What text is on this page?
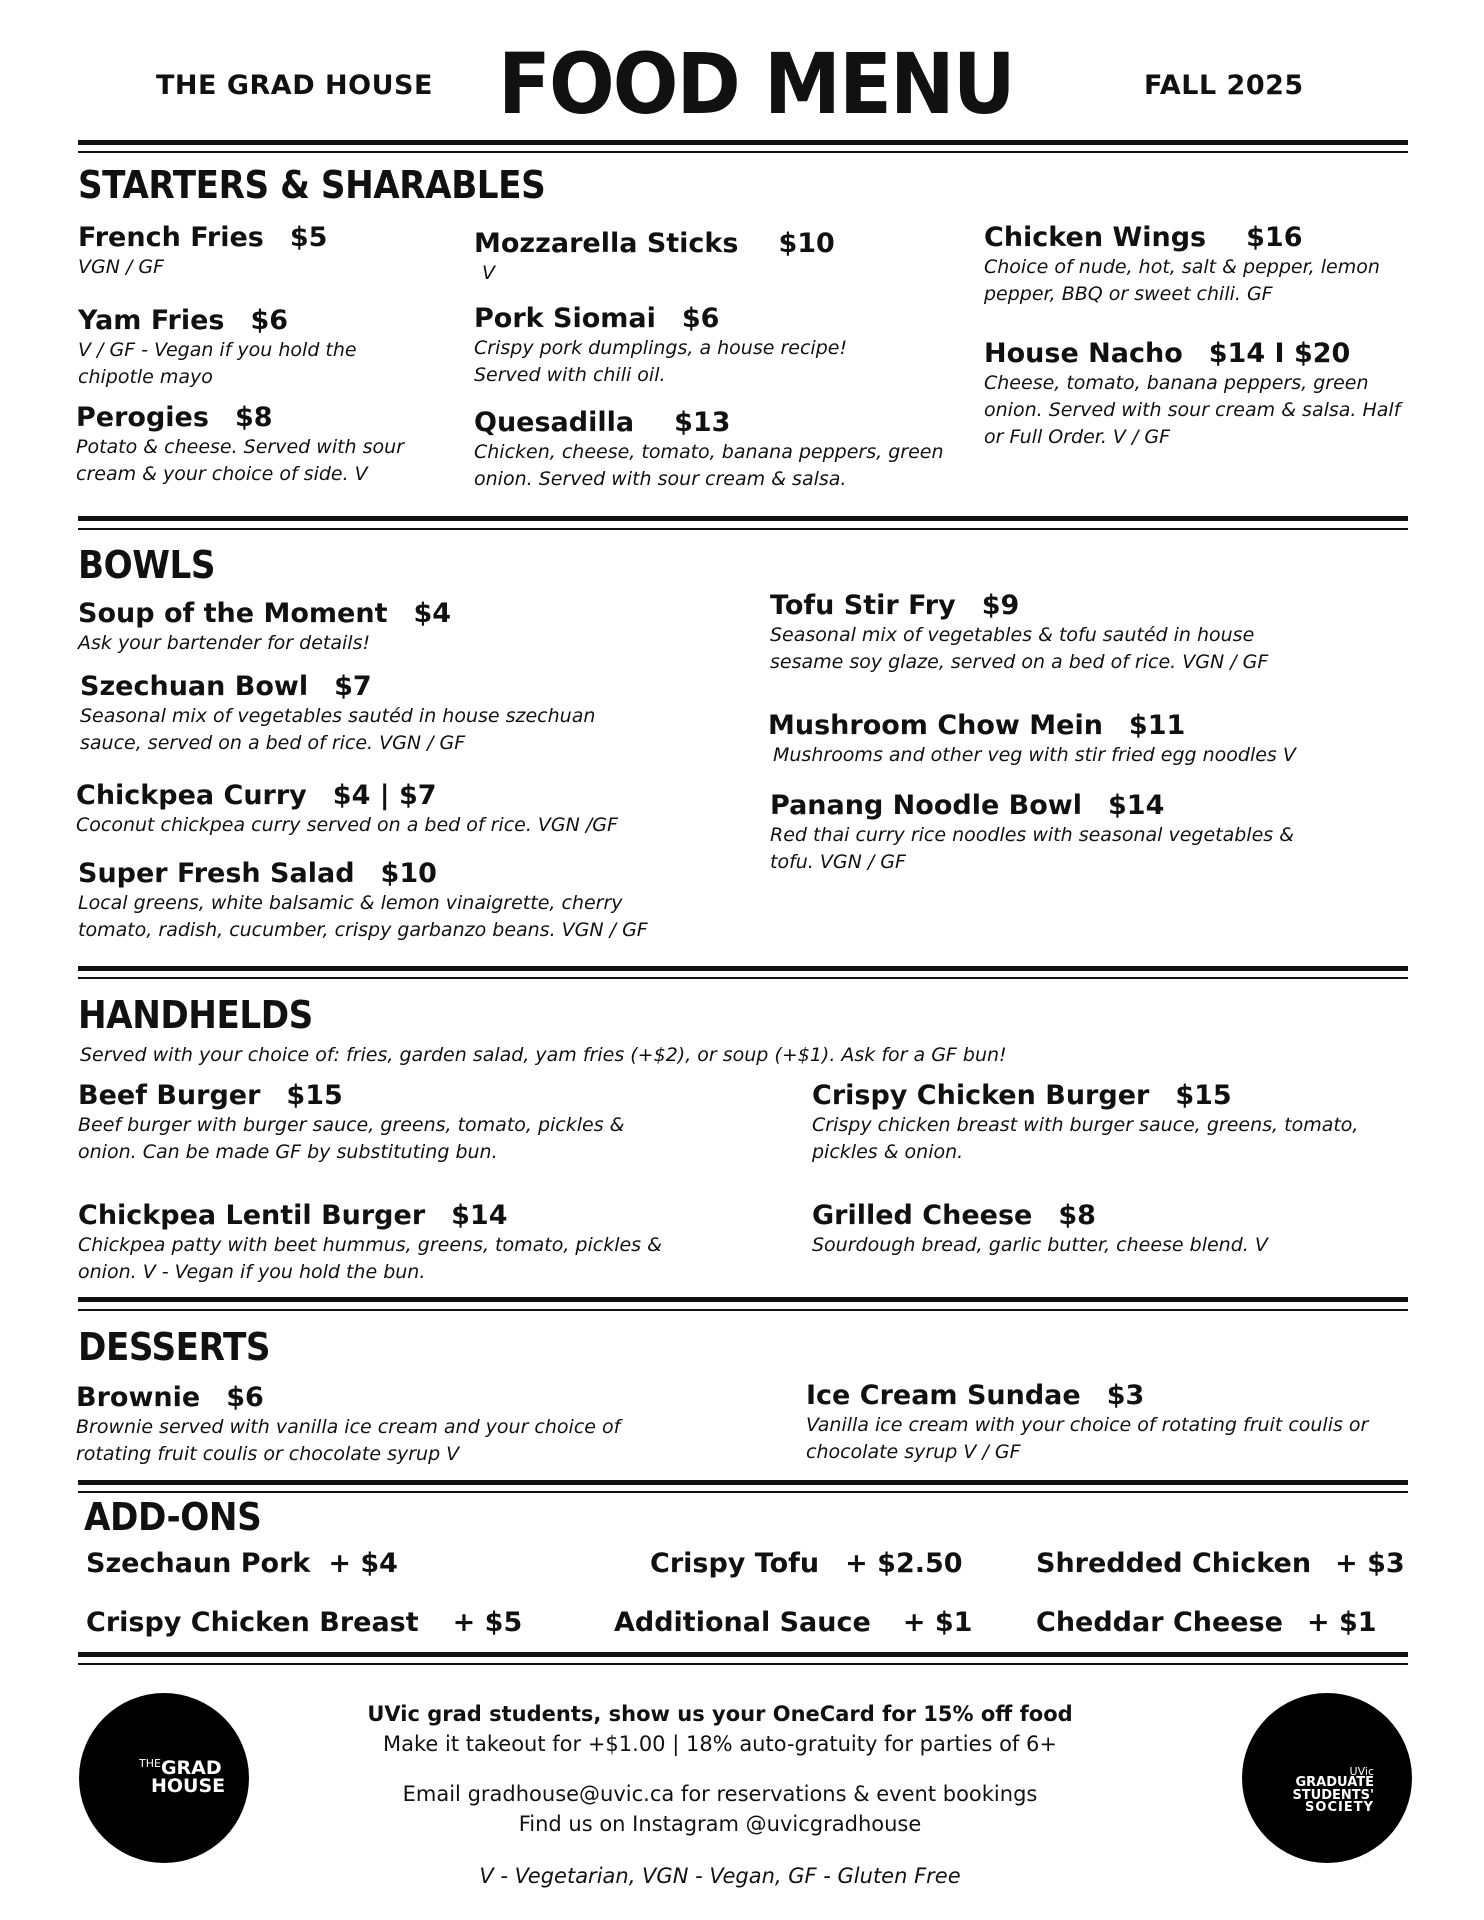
THE GRAD HOUSE FOOD MENU	FALL 2025
STARTERS & SHARABLES
French Fries $5
VGN / GF
Yam Fries $6
V / GF - Vegan if you hold the chipotle mayo
Perogies $8
Potato & cheese. Served with sour cream & your choice of side. V
Mozzarella Sticks $10
V
Pork Siomai $6
Crispy pork dumplings, a house recipe! Served with chili oil.
Quesadilla $13
Chicken, cheese, tomato, banana peppers, green onion. Served with sour cream & salsa.
Chicken Wings $16
Choice of nude, hot, salt & pepper, lemon pepper, BBQ or sweet chili. GF
House Nacho $14 I $20
Cheese, tomato, banana peppers, green onion. Served with sour cream & salsa. Half or Full Order. V / GF
BOWLS
Soup of the Moment $4
Ask your bartender for details!
Szechuan Bowl $7
Seasonal mix of vegetables sautéd in house szechuan sauce, served on a bed of rice. VGN / GF
Chickpea Curry $4 | $7
Coconut chickpea curry served on a bed of rice. VGN /GF
Super Fresh Salad $10
Local greens, white balsamic & lemon vinaigrette, cherry tomato, radish, cucumber, crispy garbanzo beans. VGN / GF
Tofu Stir Fry $9
Seasonal mix of vegetables & tofu sautéd in house sesame soy glaze, served on a bed of rice. VGN / GF
Mushroom Chow Mein $11
Mushrooms and other veg with stir fried egg noodles V
Panang Noodle Bowl $14
Red thai curry rice noodles with seasonal vegetables & tofu. VGN / GF
HANDHELDS
Served with your choice of: fries, garden salad, yam fries (+$2), or soup (+$1). Ask for a GF bun!
Beef Burger $15
Beef burger with burger sauce, greens, tomato, pickles & onion. Can be made GF by substituting bun.
Chickpea Lentil Burger $14
Chickpea patty with beet hummus, greens, tomato, pickles & onion. V - Vegan if you hold the bun.
Crispy Chicken Burger $15
Crispy chicken breast with burger sauce, greens, tomato, pickles & onion.
Grilled Cheese $8
Sourdough bread, garlic butter, cheese blend. V
DESSERTS
Brownie $6
Brownie served with vanilla ice cream and your choice of rotating fruit coulis or chocolate syrup V
Ice Cream Sundae $3
Vanilla ice cream with your choice of rotating fruit coulis or chocolate syrup V / GF
ADD-ONS
Szechaun Pork + $4	Crispy Tofu + $2.50	Shredded Chicken + $3
Crispy Chicken Breast + $5	Additional Sauce + $1 Cheddar Cheese + $1
UVic grad students, show us your OneCard for 15% off food
Make it takeout for +$1.00 | 18% auto-gratuity for parties of 6+
Email gradhouse@uvic.ca for reservations & event bookings
Find us on Instagram @uvicgradhouse
V - Vegetarian, VGN - Vegan, GF - Gluten Free
$^{THE}$GRAD
HOUSE
UVic
GRADUATE
STUDENTS'
SOCIETY
